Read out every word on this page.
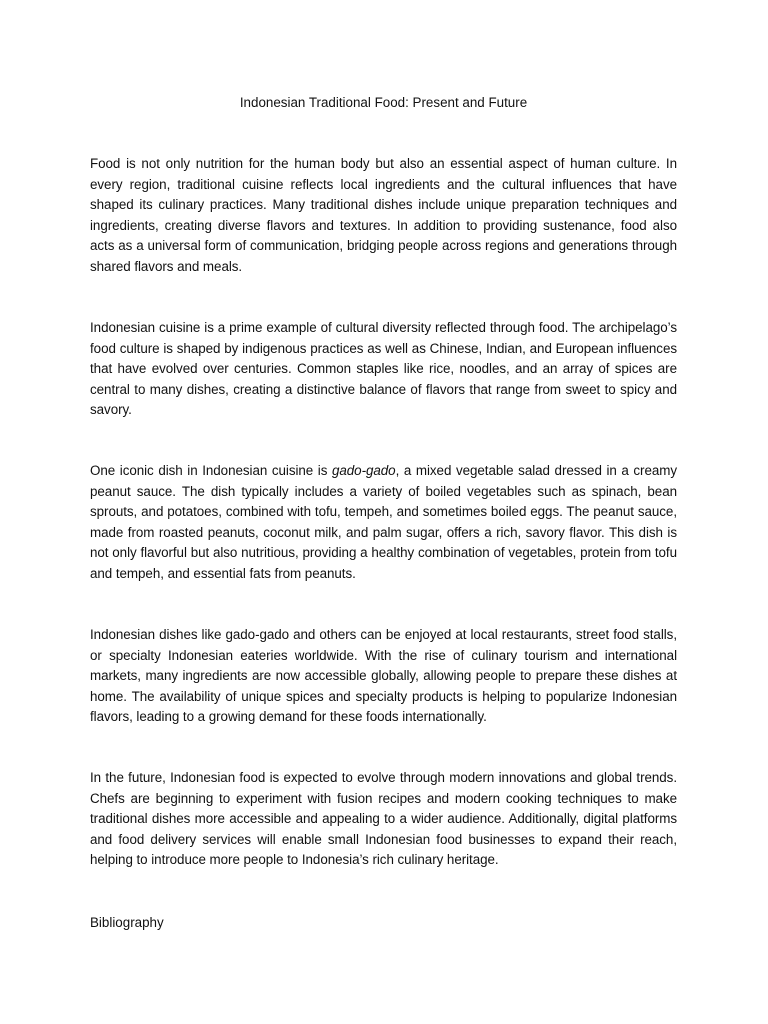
Indonesian Traditional Food: Present and Future

Food is not only nutrition for the human body but also an essential aspect of human culture. In every region, traditional cuisine reflects local ingredients and the cultural influences that have shaped its culinary practices. Many traditional dishes include unique preparation techniques and ingredients, creating diverse flavors and textures. In addition to providing sustenance, food also acts as a universal form of communication, bridging people across regions and generations through shared flavors and meals.

Indonesian cuisine is a prime example of cultural diversity reflected through food. The archipelago’s food culture is shaped by indigenous practices as well as Chinese, Indian, and European influences that have evolved over centuries. Common staples like rice, noodles, and an array of spices are central to many dishes, creating a distinctive balance of flavors that range from sweet to spicy and savory.

One iconic dish in Indonesian cuisine is gado-gado, a mixed vegetable salad dressed in a creamy peanut sauce. The dish typically includes a variety of boiled vegetables such as spinach, bean sprouts, and potatoes, combined with tofu, tempeh, and sometimes boiled eggs. The peanut sauce, made from roasted peanuts, coconut milk, and palm sugar, offers a rich, savory flavor. This dish is not only flavorful but also nutritious, providing a healthy combination of vegetables, protein from tofu and tempeh, and essential fats from peanuts.

Indonesian dishes like gado-gado and others can be enjoyed at local restaurants, street food stalls, or specialty Indonesian eateries worldwide. With the rise of culinary tourism and international markets, many ingredients are now accessible globally, allowing people to prepare these dishes at home. The availability of unique spices and specialty products is helping to popularize Indonesian flavors, leading to a growing demand for these foods internationally.

In the future, Indonesian food is expected to evolve through modern innovations and global trends. Chefs are beginning to experiment with fusion recipes and modern cooking techniques to make traditional dishes more accessible and appealing to a wider audience. Additionally, digital platforms and food delivery services will enable small Indonesian food businesses to expand their reach, helping to introduce more people to Indonesia’s rich culinary heritage.

Bibliography
